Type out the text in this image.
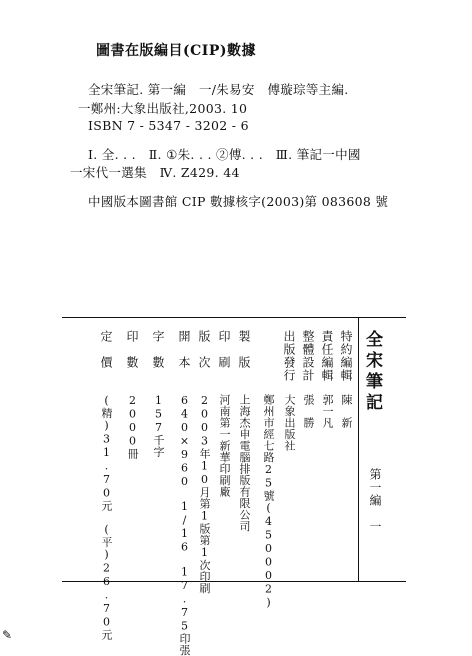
圖書在版編目(CIP)數據
全宋筆記. 第一編　一/朱易安　傅璇琮等主編.
一鄭州:大象出版社,2003. 10
ISBN 7 - 5347 - 3202 - 6
Ⅰ. 全. . .　Ⅱ. ①朱. . . ②傅. . .　Ⅲ. 筆記一中國
一宋代一選集　Ⅳ. Z429. 44
中國版本圖書館 CIP 數據核字(2003)第 083608 號
全宋筆記
第一編　一
特約編輯
陳　新
責任編輯
郭一凡
整體設計
張　勝
出版發行
大象出版社
鄭州市經七路25號(450002)
製　版
上海杰申電腦排版有限公司
印　刷
河南第一新華印刷廠
版　次
2003年10月第1版第1次印刷
開　本
640×960　1/16　17.75印張
字　數
157千字
印　數
2000冊
定　價
(精)31.70元　(平)26.70元
✎
